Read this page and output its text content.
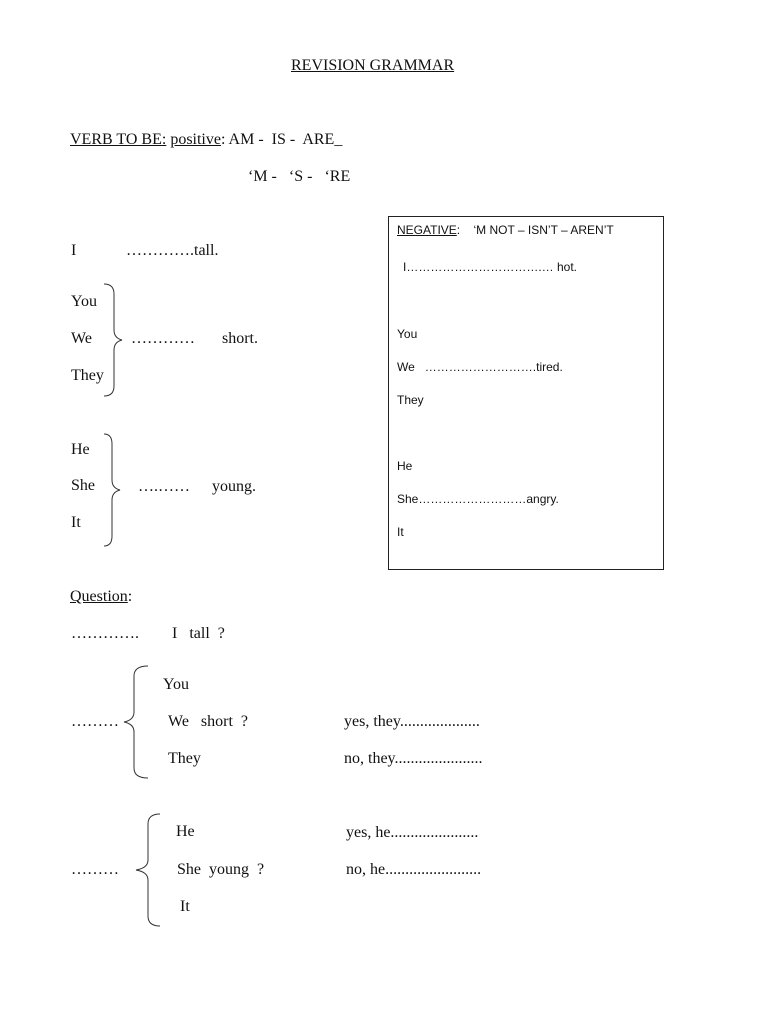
REVISION GRAMMAR
VERB TO BE: positive: AM -  IS -  ARE_
‘M -   ‘S -   ‘RE
I	………….tall.
You
We
They
………… short.
He
She
It
….…… young.
NEGATIVE:    ‘M NOT – ISN’T – AREN’T
I…………………………….… hot.
You
We   ……………………….tired.
They
He
She………………………angry.
It
Question:
…………. I   tall  ?
………
You
We   short  ?
They
yes, they....................
no, they......................
………
He
She  young  ?
It
yes, he......................
no, he........................
